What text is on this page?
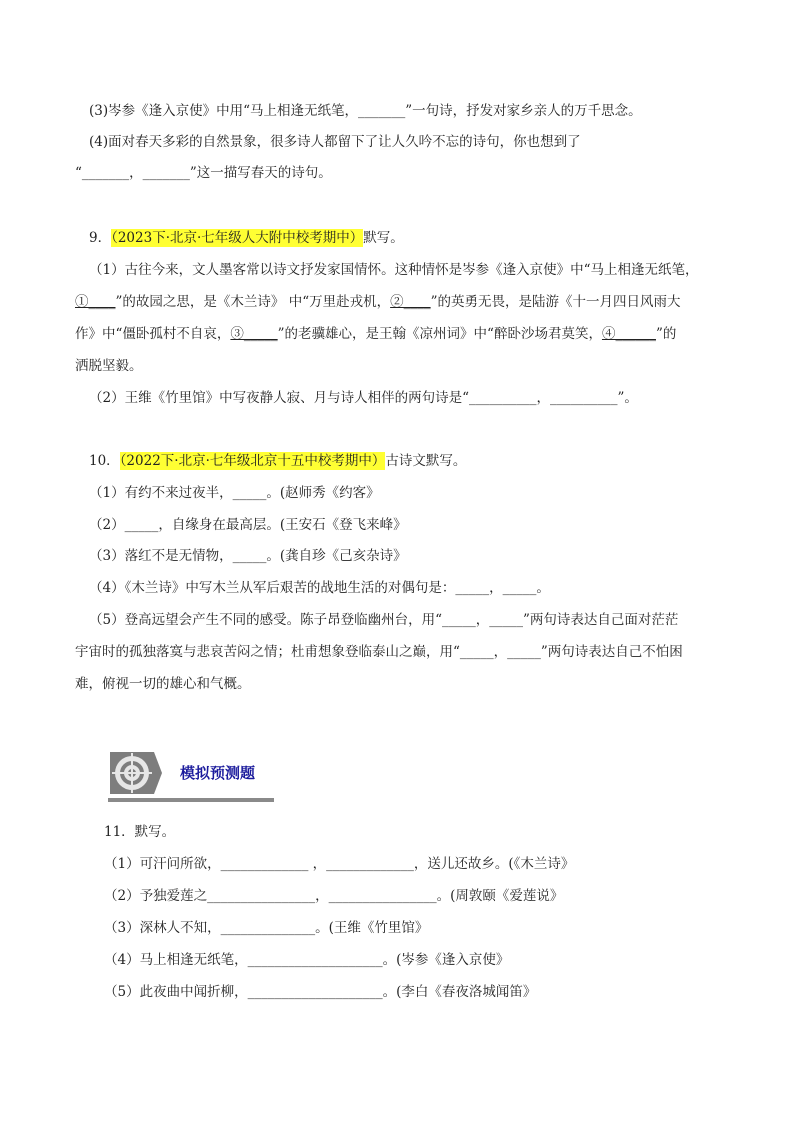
(3)岑参《逢入京使》中用“马上相逢无纸笔，_______”一句诗，抒发对家乡亲人的万千思念。
(4)面对春天多彩的自然景象，很多诗人都留下了让人久吟不忘的诗句，你也想到了
“_______，_______”这一描写春天的诗句。
9．（2023下·北京·七年级人大附中校考期中）默写。
（1）古往今来，文人墨客常以诗文抒发家国情怀。这种情怀是岑参《逢入京使》中“马上相逢无纸笔，
①____”的故园之思，是《木兰诗》 中“万里赴戎机，②____”的英勇无畏，是陆游《十一月四日风雨大
作》中“僵卧孤村不自哀，③_____”的老骥雄心，是王翰《凉州词》中“醉卧沙场君莫笑，④______”的
洒脱坚毅。
（2）王维《竹里馆》中写夜静人寂、月与诗人相伴的两句诗是“__________，__________”。
10．（2022下·北京·七年级北京十五中校考期中）古诗文默写。
（1）有约不来过夜半，_____。(赵师秀《约客》
（2）_____，自缘身在最高层。(王安石《登飞来峰》
（3）落红不是无情物，_____。(龚自珍《己亥杂诗》
（4）《木兰诗》中写木兰从军后艰苦的战地生活的对偶句是：_____，_____。
（5）登高远望会产生不同的感受。陈子昂登临幽州台，用“_____，_____”两句诗表达自己面对茫茫
宇宙时的孤独落寞与悲哀苦闷之情；杜甫想象登临泰山之巅，用“_____，_____”两句诗表达自己不怕困
难，俯视一切的雄心和气概。
模拟预测题
11．默写。
（1）可汗问所欲，_____________ ，_____________，送儿还故乡。(《木兰诗》
（2）予独爱莲之________________，________________。(周敦颐《爱莲说》
（3）深林人不知，______________。(王维《竹里馆》
（4）马上相逢无纸笔，____________________。(岑参《逢入京使》
（5）此夜曲中闻折柳，____________________。(李白《春夜洛城闻笛》
